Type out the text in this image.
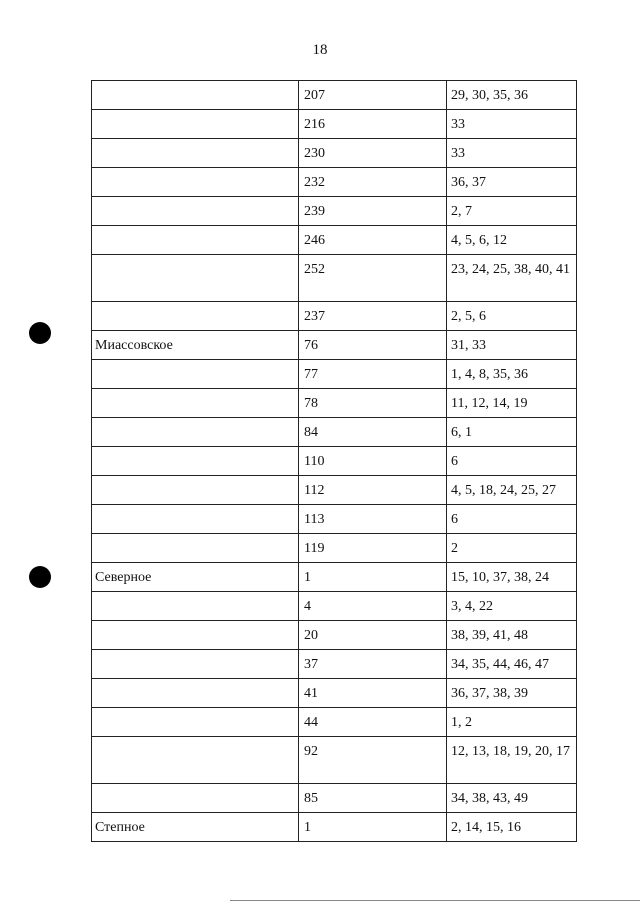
18
	207	29, 30, 35, 36
	216	33
	230	33
	232	36, 37
	239	2, 7
	246	4, 5, 6, 12
	252	23, 24, 25, 38, 40, 41
	237	2, 5, 6
Миассовское	76	31, 33
	77	1, 4, 8, 35, 36
	78	11, 12, 14, 19
	84	6, 1
	110	6
	112	4, 5, 18, 24, 25, 27
	113	6
	119	2
Северное	1	15, 10, 37, 38, 24
	4	3, 4, 22
	20	38, 39, 41, 48
	37	34, 35, 44, 46, 47
	41	36, 37, 38, 39
	44	1, 2
	92	12, 13, 18, 19, 20, 17
	85	34, 38, 43, 49
Степное	1	2, 14, 15, 16
